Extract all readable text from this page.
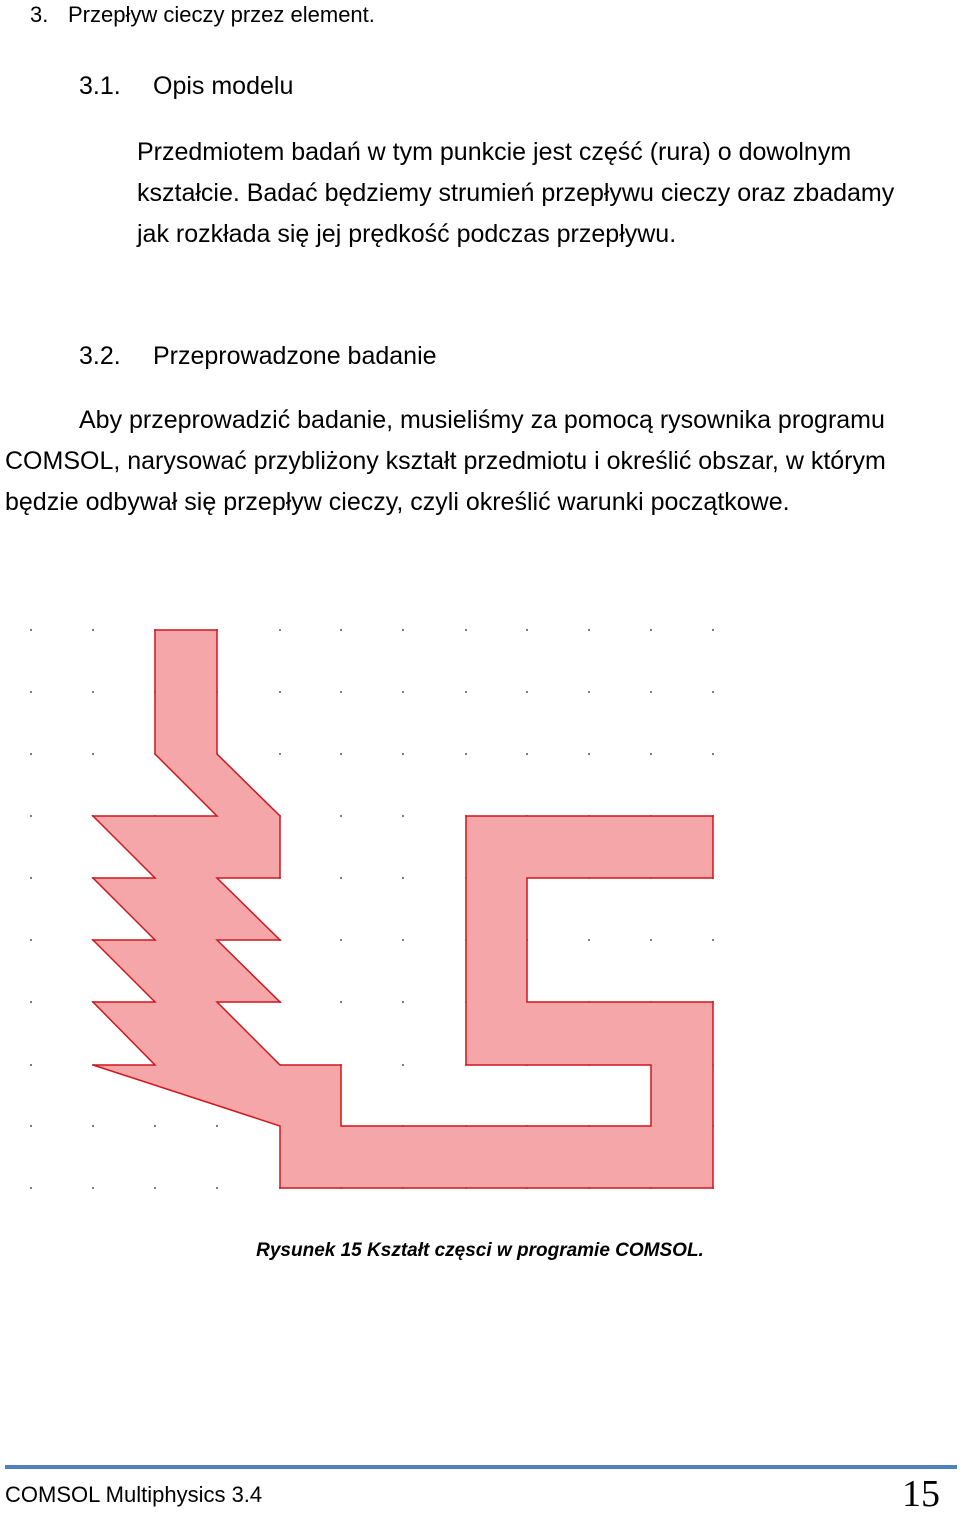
3. Przepływ cieczy przez element.
3.1. Opis modelu

Przedmiotem badań w tym punkcie jest część (rura) o dowolnym

kształcie. Badać będziemy strumień przepływu cieczy oraz zbadamy

jak rozkłada się jej prędkość podczas przepływu.

3.2. Przeprowadzone badanie

Aby przeprowadzić badanie, musieliśmy za pomocą rysownika programu

COMSOL, narysować przybliżony kształt przedmiotu i określić obszar, w którym

będzie odbywał się przepływ cieczy, czyli określić warunki początkowe.

Rysunek 15 Kształt częsci w programie COMSOL.
COMSOL Multiphysics 3.4	15
